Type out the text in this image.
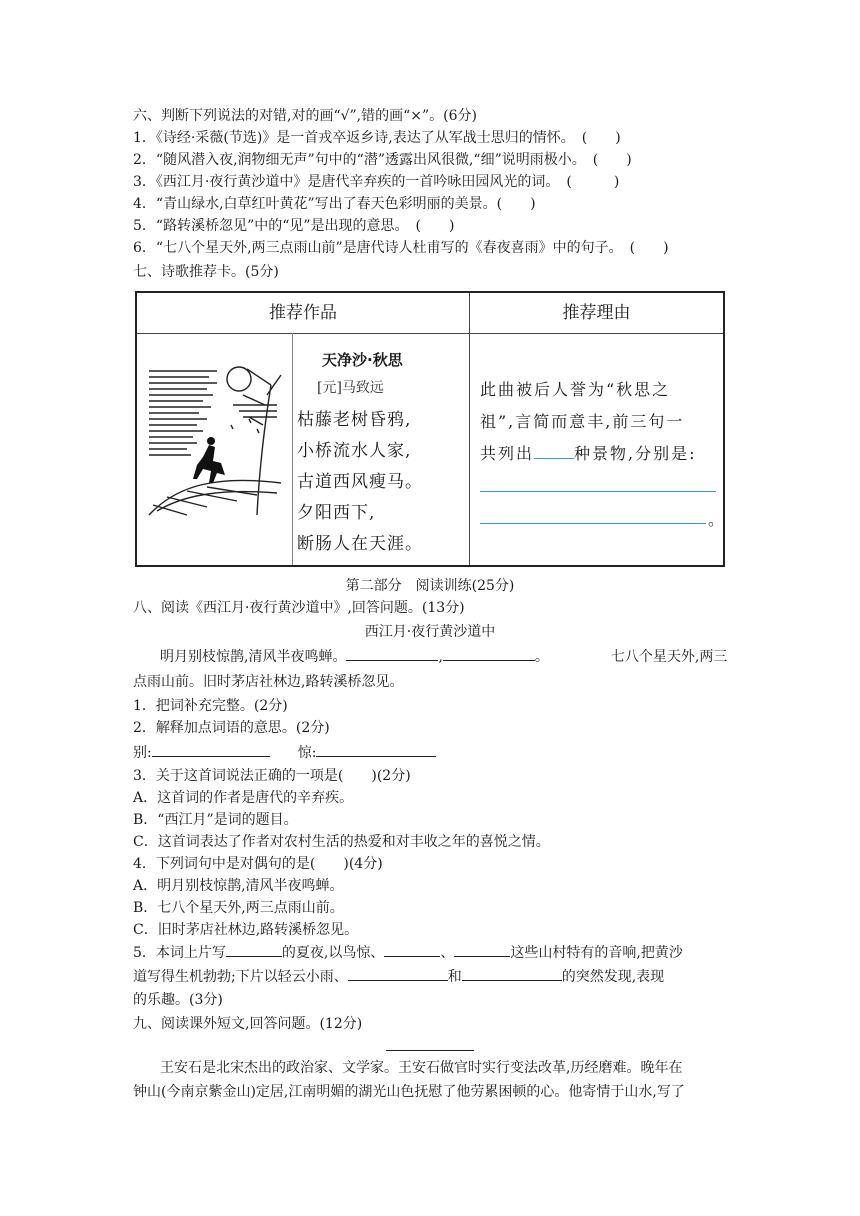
六、判断下列说法的对错,对的画“√”,错的画“×”。(6分)
1．《诗经·采薇(节选)》是一首戎卒返乡诗,表达了从军战士思归的情怀。　 (　　)
2．“随风潜入夜,润物细无声”句中的“潜”透露出风很微,“细”说明雨极小。　 (　　)
3．《西江月·夜行黄沙道中》是唐代辛弃疾的一首吟咏田园风光的词。　 (　　　)
4．“青山绿水,白草红叶黄花”写出了春天色彩明丽的美景。(　　)
5．“路转溪桥忽见”中的“见”是出现的意思。　 (　　)
6．“七八个星天外,两三点雨山前”是唐代诗人杜甫写的《春夜喜雨》中的句子。　 (　　)
七、诗歌推荐卡。(5分)
推荐作品	推荐理由
天净沙·秋思
[元]马致远
枯藤老树昏鸦,
小桥流水人家,
古道西风瘦马。
夕阳西下,
断肠人在天涯。
此曲被后人誉为“秋思之
祖”,言简而意丰,前三句一
共列出	种景物,分别是:
。
第二部分　阅读训练(25分)
八、阅读《西江月·夜行黄沙道中》,回答问题。(13分)
西江月·夜行黄沙道中
明月别枝惊鹊,清风半夜鸣蝉。	,	。	七八个星天外,两三
点雨山前。旧时茅店社林边,路转溪桥忽见。
1．把词补充完整。(2分)
2．解释加点词语的意思。(2分)
别:　　	惊:
3．关于这首词说法正确的一项是(　　)(2分)
A．这首词的作者是唐代的辛弃疾。
B．“西江月”是词的题目。
C．这首词表达了作者对农村生活的热爱和对丰收之年的喜悦之情。
4．下列词句中是对偶句的是(　　)(4分)
A．明月别枝惊鹊,清风半夜鸣蝉。
B．七八个星天外,两三点雨山前。
C．旧时茅店社林边,路转溪桥忽见。
5．本词上片写	的夏夜,以鸟惊、	、	这些山村特有的音响,把黄沙
道写得生机勃勃;下片以轻云小雨、	和	的突然发现,表现
的乐趣。(3分)
九、阅读课外短文,回答问题。(12分)
王安石是北宋杰出的政治家、文学家。王安石做官时实行变法改革,历经磨难。晚年在
钟山(今南京紫金山)定居,江南明媚的湖光山色抚慰了他劳累困顿的心。他寄情于山水,写了
